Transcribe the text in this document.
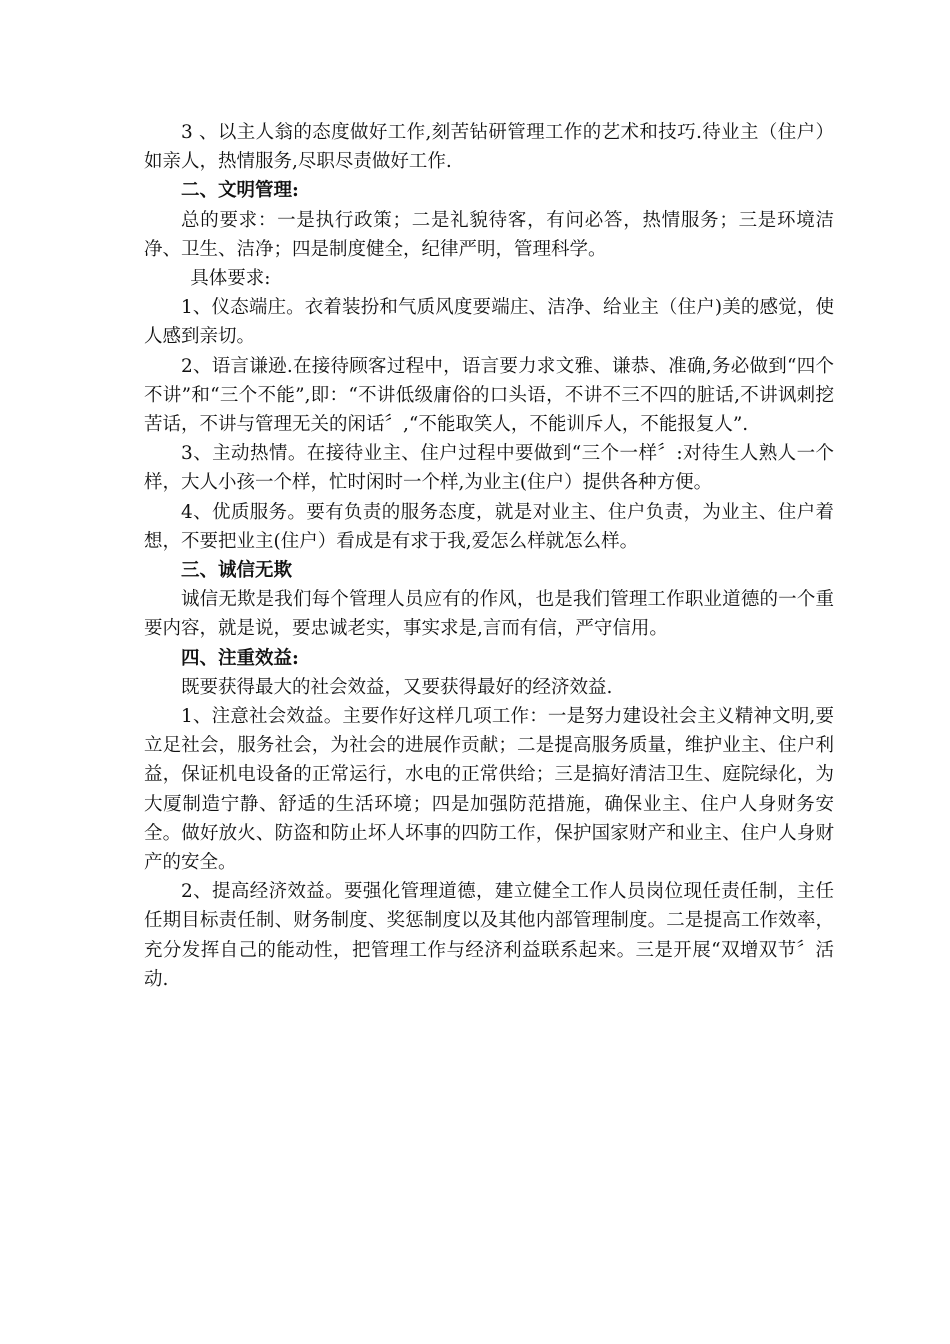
3 、以主人翁的态度做好工作,刻苦钻研管理工作的艺术和技巧.待业主（住户）如亲人，热情服务,尽职尽责做好工作.

二、文明管理:

总的要求：一是执行政策；二是礼貌待客，有问必答，热情服务；三是环境洁净、卫生、洁净；四是制度健全，纪律严明，管理科学。

具体要求:

1、仪态端庄。衣着装扮和气质风度要端庄、洁净、给业主（住户)美的感觉，使人感到亲切。

2、语言谦逊.在接待顾客过程中，语言要力求文雅、谦恭、准确,务必做到“四个不讲”和“三个不能”,即：“不讲低级庸俗的口头语，不讲不三不四的脏话,不讲讽刺挖苦话，不讲与管理无关的闲话〞,“不能取笑人，不能训斥人，不能报复人”.

3、主动热情。在接待业主、住户过程中要做到“三个一样〞:对待生人熟人一个样，大人小孩一个样，忙时闲时一个样,为业主(住户）提供各种方便。

4、优质服务。要有负责的服务态度，就是对业主、住户负责，为业主、住户着想，不要把业主(住户）看成是有求于我,爱怎么样就怎么样。

三、诚信无欺

诚信无欺是我们每个管理人员应有的作风，也是我们管理工作职业道德的一个重要内容，就是说，要忠诚老实，事实求是,言而有信，严守信用。

四、注重效益:

既要获得最大的社会效益，又要获得最好的经济效益.

1、注意社会效益。主要作好这样几项工作：一是努力建设社会主义精神文明,要立足社会，服务社会，为社会的进展作贡献；二是提高服务质量，维护业主、住户利益，保证机电设备的正常运行，水电的正常供给；三是搞好清洁卫生、庭院绿化，为大厦制造宁静、舒适的生活环境；四是加强防范措施，确保业主、住户人身财务安全。做好放火、防盗和防止坏人坏事的四防工作，保护国家财产和业主、住户人身财产的安全。

2、提高经济效益。要强化管理道德，建立健全工作人员岗位现任责任制，主任任期目标责任制、财务制度、奖惩制度以及其他内部管理制度。二是提高工作效率，充分发挥自己的能动性，把管理工作与经济利益联系起来。三是开展“双增双节〞活动.
